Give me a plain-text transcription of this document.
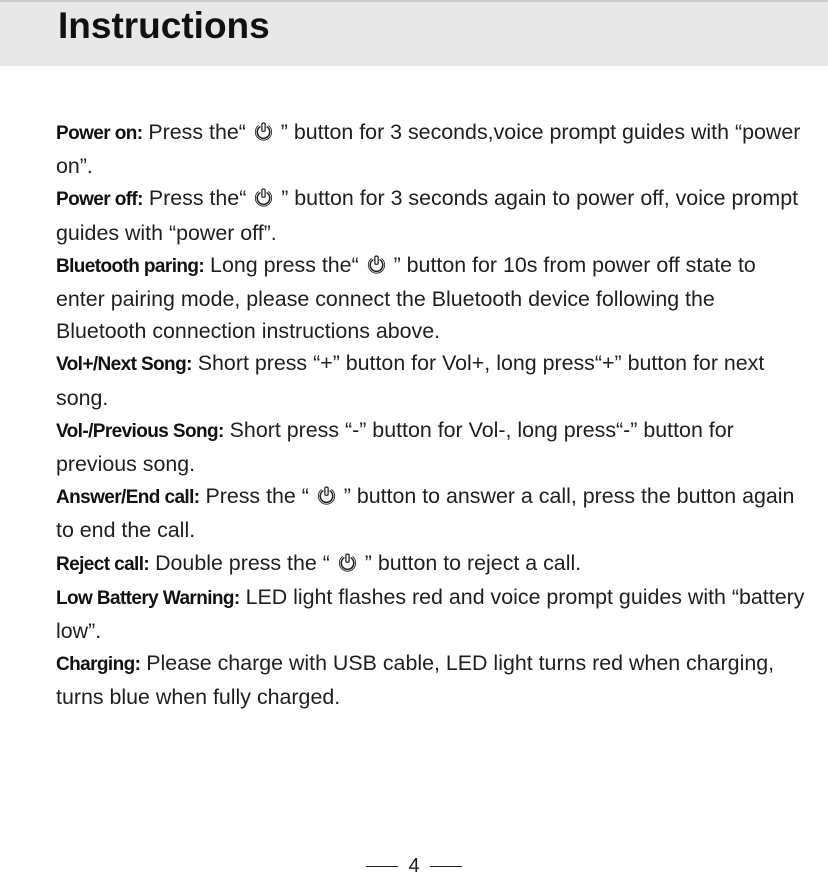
Instructions

Power on: Press the“
” button for 3 seconds,voice prompt guides with “power on”.

Power off: Press the“
” button for 3 seconds again to power off, voice prompt guides with “power off”.

Bluetooth paring: Long press the“
” button for 10s from power off state to enter pairing mode, please connect the Bluetooth device following the Bluetooth connection instructions above.

Vol+/Next Song: Short press “+” button for Vol+, long press“+” button for next song.

Vol-/Previous Song: Short press “-” button for Vol-, long press“-” button for previous song.

Answer/End call: Press the “
” button to answer a call, press the button again to end the call.

Reject call: Double press the “
” button to reject a call.

Low Battery Warning: LED light flashes red and voice prompt guides with “battery low”.

Charging: Please charge with USB cable, LED light turns red when charging, turns blue when fully charged.

4
